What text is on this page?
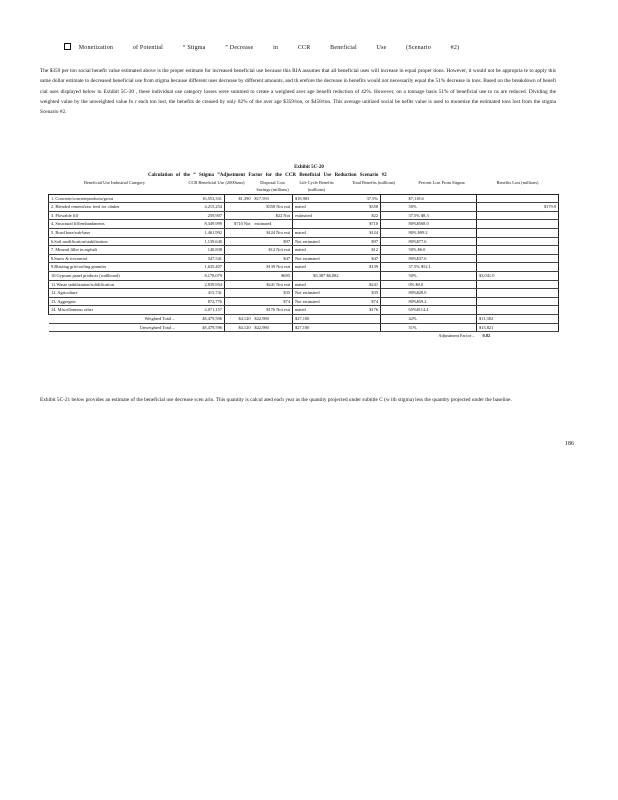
Monetization	of Potential	“ Stigma	” Decrease	in	CCR	Beneficial	Use	(Scenario	#2)
The $359 per ton social benefit value estimated above is the proper estimate for increased beneficial use because this RIA assumes that all beneficial uses will increase in equal proper tions. However, it would not be appropria te to apply this same dollar estimate to decreased beneficial use from stigma because different uses decrease by different amounts, and th erefore the decrease in benefits would not necessarily equal the 51% decrease in tons. Based on the breakdown of benefi cial uses displayed below in Exhibit 5C-30 , these individual use category losses were summed to create a weighted aver age benefit reduction of 42%. However, on a tonnage basis 51% of beneficial use to ns are reduced. Dividing the weighted value by the unweighted value fo r each ton lost, the benefits de creased by only 82% of the aver age $359/ton, or $458/ton. This average unitized social be nefits value is used to monetize the estimated tons lost from the stigma Scenario #2.
Exhibit 5C-20
Calculation of the “ Stigma ”Adjustment Factor for the CCR Beneficial Use Reduction Scenario #2
Beneficial Use Industrial Category	CCR Beneficial Use (2000tons)		Disposal Cost Savings (millions)	Life Cycle Benefits (millions)	Total Benefits (millions)		Percent Lost From Stigma	Benefits Lost (millions)
1. Concrete/concreteproducts/grout	16,553,331	$1,390	$17,593	$18,983	37.5%		$7,118.6	
2. Blended cement/raw feed for clinker	4,215,254		$358 Not esti	mated	$358		50%	$179.0
3. Flowable fill	259,907		$22 Not	estimated	$22		37.5% $8.3	
4. Structural fill/embankments	8,349,999	$710 Not	estimated		$710		80%$568.0	
5. Road base/sub-base	1,461,992		$124 Not esti	mated	$124		80% $99.2	
6.Soil modification/stabilization	1,139,640		$97	Not estimated	$97		80%$77.6	
7. Mineral filler in asphalt	140,838		$12 Not esti	mated	$12		50% $6.0	
8.Snow & icecontrol	547,541		$47	Not estimated	$47		80%$37.6	
9.Blasting grit/roofing granules	1,635,407		$139 Not esti	mated	$139		37.5% $52.1	
10.Gypsum panel products (wallboard)	8,178,079		$695	$5,387 $6,082			50%	$3,041.0
11.Waste stabilization/solidification	2,839,954		$241 Not esti	mated	$241		0% $0.0	
12. Agriculture	415,741		$35	Not estimated	$35		80%$28.0	
13. Aggregate	872,776		$74	Not estimated	$74		80%$59.2	
14. Miscellaneous other	2,071,157		$176 Not esti	mated	$176		65%$114.4	
Weighted Total –	48,479,596	$4,120	$22,980	$27,100			42%	$11,382
Unweighted Total –	48,479,596	$4,120	$22,980	$27,100			51%	$13,821
							Adjustment Factor –	0.82
Exhibit 5C-21 below provides an estimate of the beneficial use decrease scen ario. This quantity is calcul ated each year as the quantity projected under subtitle C (w ith stigma) less the quantity projected under the baseline.
186
